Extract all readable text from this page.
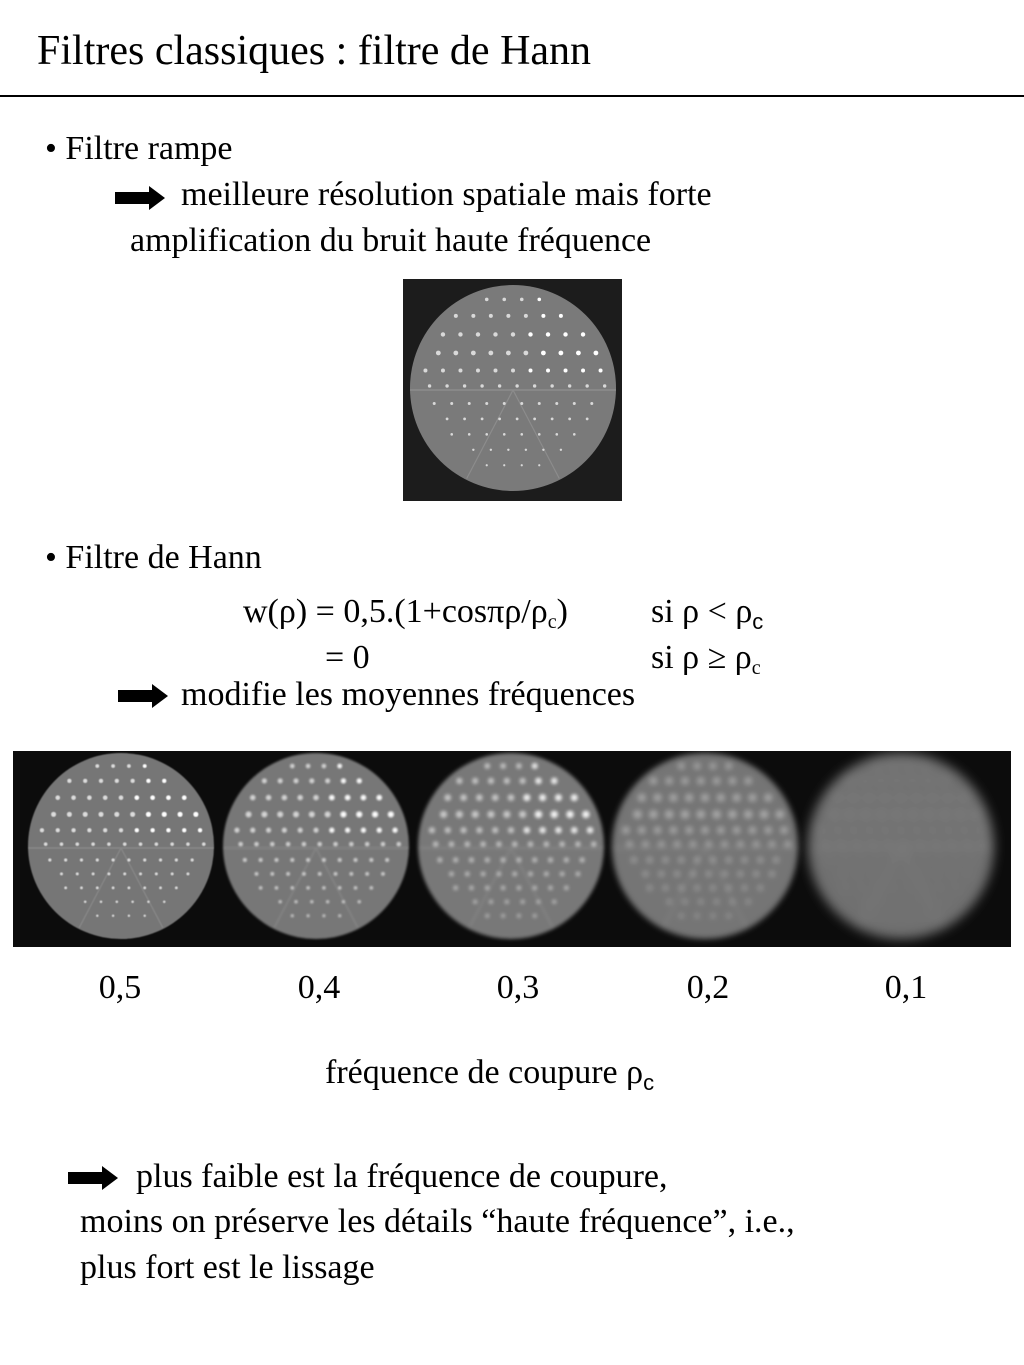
Filtres classiques : filtre de Hann
• Filtre rampe
meilleure résolution spatiale mais forte
amplification du bruit haute fréquence
• Filtre de Hann
$w(\rho) = 0,5.(1+\cos\pi\rho/\rho_c)$ si $\rho < \rho_c$
= 0	si $\rho \ge \rho_c$
modifie les moyennes fréquences
0,5	0,4	0,3	0,2	0,1
fréquence de coupure $\rho_c$
plus faible est la fréquence de coupure,
moins on préserve les détails “haute fréquence”, i.e.,
plus fort est le lissage
